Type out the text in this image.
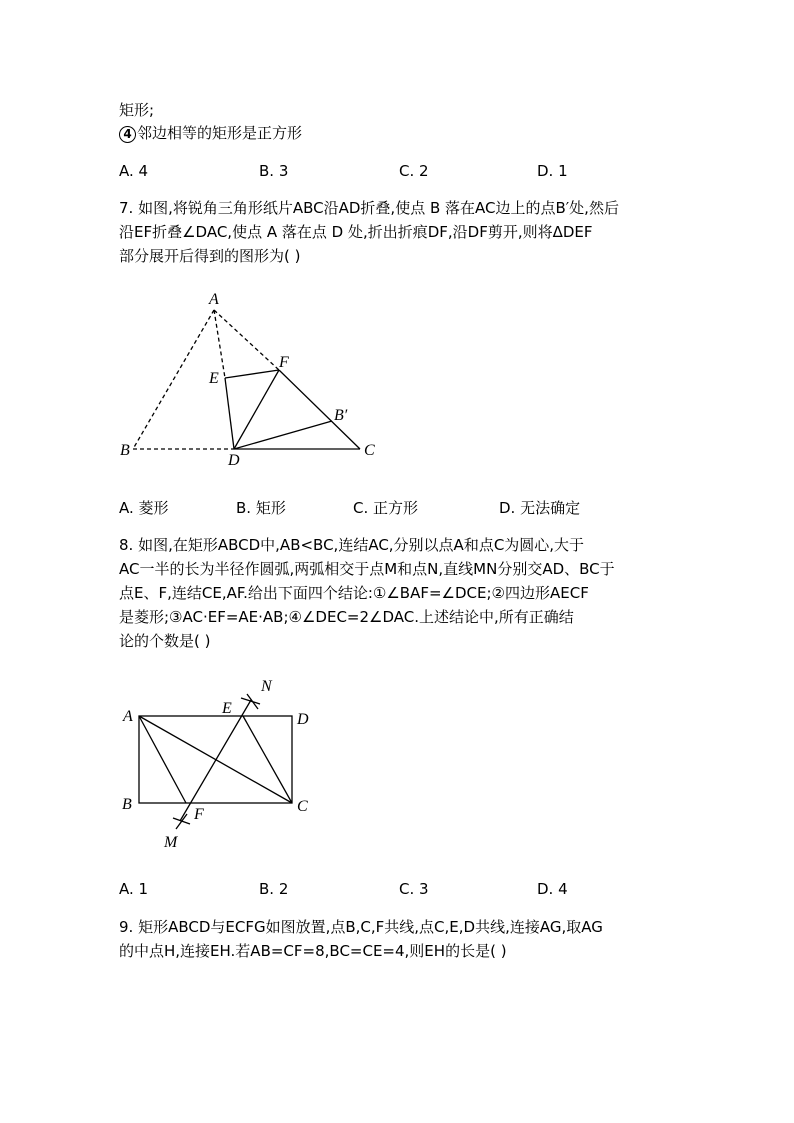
矩形;
4 邻边相等的矩形是正方形
A. 4	B. 3	C. 2	D. 1
7. 如图,将锐角三角形纸片ABC沿AD折叠,使点 B 落在AC边上的点B′处,然后
沿EF折叠∠DAC,使点 A 落在点 D 处,折出折痕DF,沿DF剪开,则将ΔDEF
部分展开后得到的图形为( )
A
B	C
D
E
F
B′
A. 菱形	B. 矩形	C. 正方形	D. 无法确定
8. 如图,在矩形ABCD中,AB<BC,连结AC,分别以点A和点C为圆心,大于
AC一半的长为半径作圆弧,两弧相交于点M和点N,直线MN分别交AD、BC于
点E、F,连结CE,AF.给出下面四个结论:①∠BAF=∠DCE;②四边形AECF
是菱形;③AC·EF=AE·AB;④∠DEC=2∠DAC.上述结论中,所有正确结
论的个数是( )
A
B	C
D
E
F
M
N
A. 1	B. 2	C. 3	D. 4
9. 矩形ABCD与ECFG如图放置,点B,C,F共线,点C,E,D共线,连接AG,取AG
的中点H,连接EH.若AB=CF=8,BC=CE=4,则EH的长是( )
